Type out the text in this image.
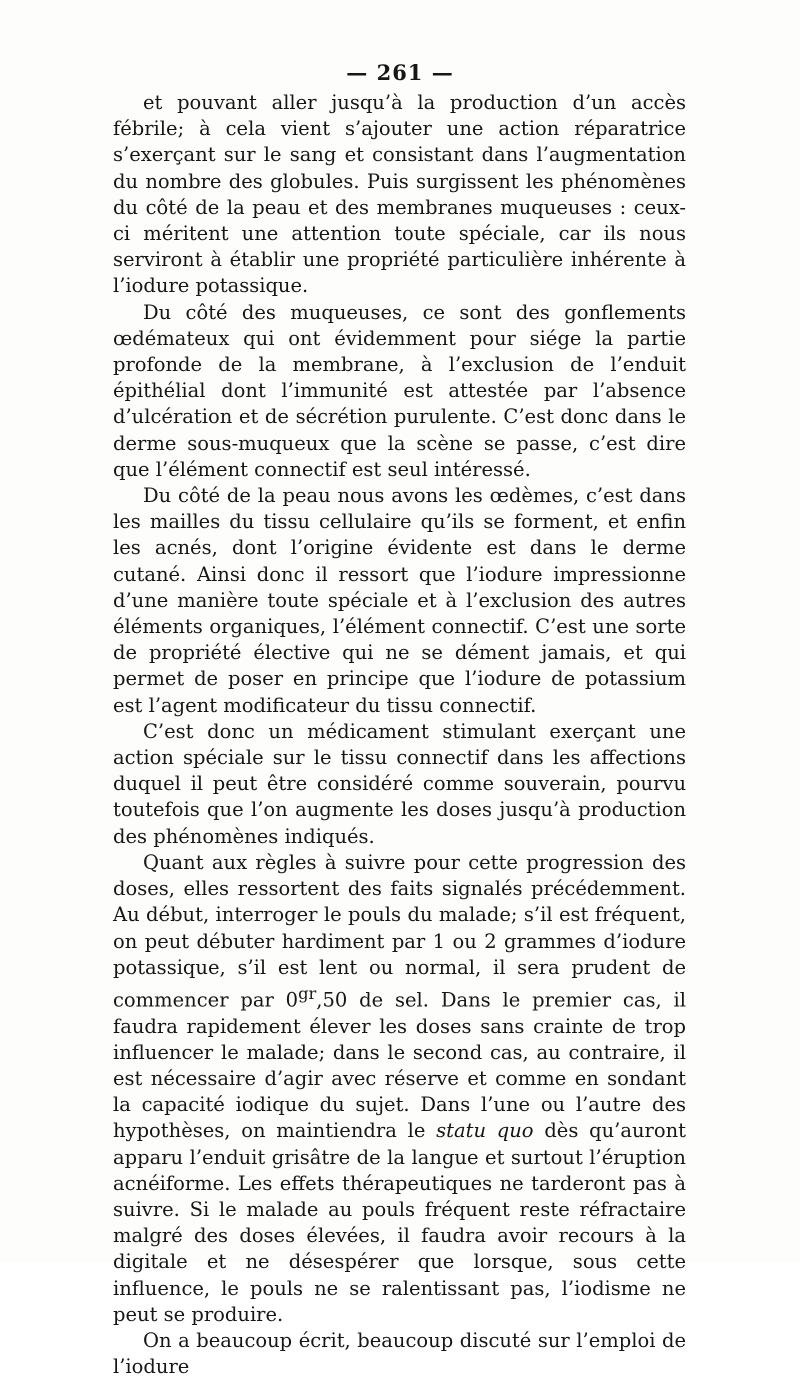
— 261 —

et pouvant aller jusqu’à la production d’un accès fébrile; à cela vient s’ajouter une action réparatrice s’exerçant sur le sang et consistant dans l’augmentation du nombre des globules. Puis surgissent les phénomènes du côté de la peau et des membranes muqueuses : ceux-ci méritent une attention toute spéciale, car ils nous serviront à établir une propriété particulière inhérente à l’iodure potassique.

Du côté des muqueuses, ce sont des gonflements œdémateux qui ont évidemment pour siége la partie profonde de la membrane, à l’exclusion de l’enduit épithélial dont l’immunité est attestée par l’absence d’ulcération et de sécrétion purulente. C’est donc dans le derme sous-muqueux que la scène se passe, c’est dire que l’élément connectif est seul intéressé.

Du côté de la peau nous avons les œdèmes, c’est dans les mailles du tissu cellulaire qu’ils se forment, et enfin les acnés, dont l’origine évidente est dans le derme cutané. Ainsi donc il ressort que l’iodure impressionne d’une manière toute spéciale et à l’exclusion des autres éléments organiques, l’élément connectif. C’est une sorte de propriété élective qui ne se dément jamais, et qui permet de poser en principe que l’iodure de potassium est l’agent modificateur du tissu connectif.

C’est donc un médicament stimulant exerçant une action spéciale sur le tissu connectif dans les affections duquel il peut être considéré comme souverain, pourvu toutefois que l’on augmente les doses jusqu’à production des phénomènes indiqués.

Quant aux règles à suivre pour cette progression des doses, elles ressortent des faits signalés précédemment. Au début, interroger le pouls du malade; s’il est fréquent, on peut débuter hardiment par 1 ou 2 grammes d’iodure potassique, s’il est lent ou normal, il sera prudent de commencer par $0^{gr},50$ de sel. Dans le premier cas, il faudra rapidement élever les doses sans crainte de trop influencer le malade; dans le second cas, au contraire, il est nécessaire d’agir avec réserve et comme en sondant la capacité iodique du sujet. Dans l’une ou l’autre des hypothèses, on maintiendra le statu quo dès qu’auront apparu l’enduit grisâtre de la langue et surtout l’éruption acnéiforme. Les effets thérapeutiques ne tarderont pas à suivre. Si le malade au pouls fréquent reste réfractaire malgré des doses élevées, il faudra avoir recours à la digitale et ne désespérer que lorsque, sous cette influence, le pouls ne se ralentissant pas, l’iodisme ne peut se produire.

On a beaucoup écrit, beaucoup discuté sur l’emploi de l’iodure
